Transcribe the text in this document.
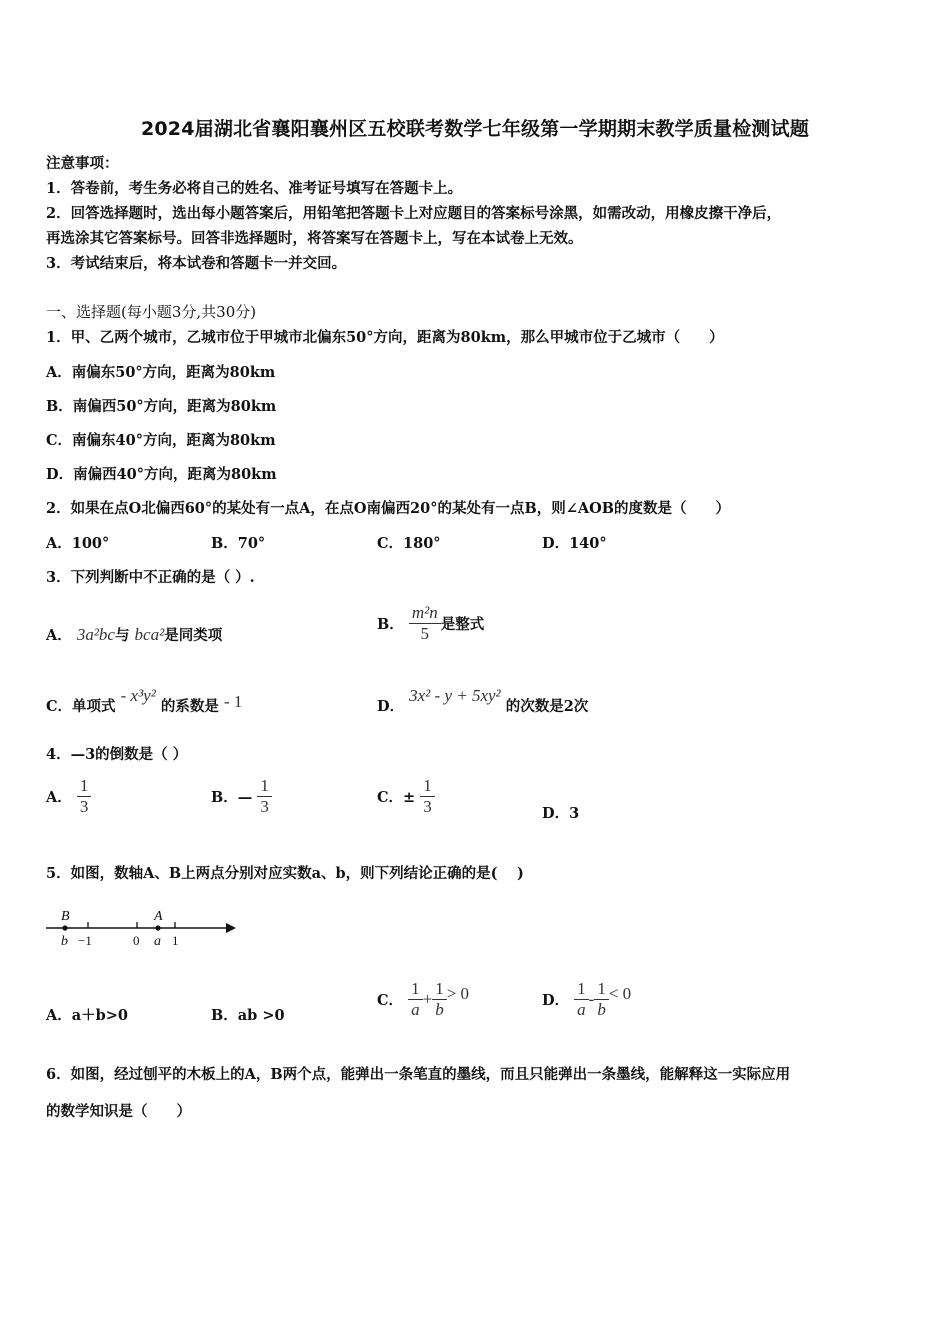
2024届湖北省襄阳襄州区五校联考数学七年级第一学期期末教学质量检测试题
注意事项：
1．答卷前，考生务必将自己的姓名、准考证号填写在答题卡上。
2．回答选择题时，选出每小题答案后，用铅笔把答题卡上对应题目的答案标号涂黑，如需改动，用橡皮擦干净后，
再选涂其它答案标号。回答非选择题时，将答案写在答题卡上，写在本试卷上无效。
3．考试结束后，将本试卷和答题卡一并交回。
一、选择题(每小题3分,共30分)
1．甲、乙两个城市，乙城市位于甲城市北偏东50°方向，距离为80km，那么甲城市位于乙城市（　　）
A．南偏东50°方向，距离为80km
B．南偏西50°方向，距离为80km
C．南偏东40°方向，距离为80km
D．南偏西40°方向，距离为80km
2．如果在点O北偏西60°的某处有一点A，在点O南偏西20°的某处有一点B，则∠AOB的度数是（　　）
A．100°	B．70°	C．180°	D．140°
3．下列判断中不正确的是（ ）.
A． 3a²bc与 bca²是同类项
B． $\frac{\text{m²n}}{5}$ 是整式
C．单项式 - x³y² 的系数是 - 1	D． 3x² - y + 5xy² 的次数是2次
4．—3的倒数是（ ）
A． $\frac{1}{3}$	B．— $\frac{1}{3}$	C．± $\frac{1}{3}$	D．3
5．如图，数轴A、B上两点分别对应实数a、b，则下列结论正确的是(　 )
B	A
b −1	0 a 1
A．a＋b>0	B．ab >0
C． $\frac{1}{a} + \frac{1}{b} > 0$	D． $\frac{1}{a} - \frac{1}{b} < 0$
6．如图，经过刨平的木板上的A，B两个点，能弹出一条笔直的墨线，而且只能弹出一条墨线，能解释这一实际应用
的数学知识是（　　）
